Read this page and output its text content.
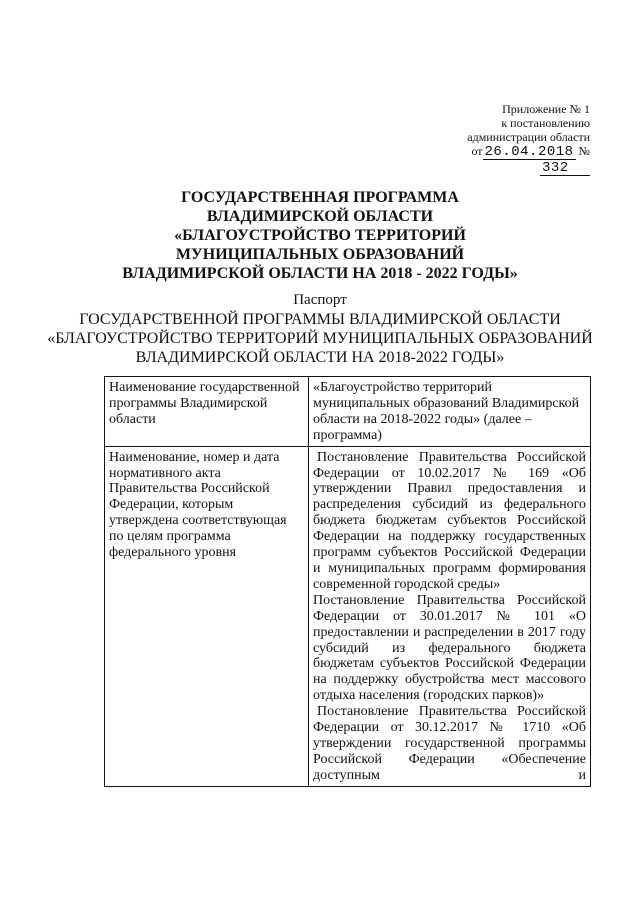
Приложение № 1
к постановлению
администрации области
от 26.04.2018 № 332
ГОСУДАРСТВЕННАЯ ПРОГРАММА
ВЛАДИМИРСКОЙ ОБЛАСТИ
«БЛАГОУСТРОЙСТВО ТЕРРИТОРИЙ
МУНИЦИПАЛЬНЫХ ОБРАЗОВАНИЙ
ВЛАДИМИРСКОЙ ОБЛАСТИ НА 2018 - 2022 ГОДЫ»
Паспорт
ГОСУДАРСТВЕННОЙ ПРОГРАММЫ ВЛАДИМИРСКОЙ ОБЛАСТИ
«БЛАГОУСТРОЙСТВО ТЕРРИТОРИЙ МУНИЦИПАЛЬНЫХ ОБРАЗОВАНИЙ
ВЛАДИМИРСКОЙ ОБЛАСТИ НА 2018-2022 ГОДЫ»
Наименование государственной программы Владимирской области	«Благоустройство территорий муниципальных образований Владимирской области на 2018-2022 годы» (далее – программа)
Наименование, номер и дата нормативного акта Правительства Российской Федерации, которым утверждена соответствующая по целям программа федерального уровня	Постановление Правительства Российской Федерации от 10.02.2017 № 169 «Об утверждении Правил предоставления и распределения субсидий из федерального бюджета бюджетам субъектов Российской Федерации на поддержку государственных программ субъектов Российской Федерации и муниципальных программ формирования современной городской среды»
Постановление Правительства Российской Федерации от 30.01.2017 № 101 «О предоставлении и распределении в 2017 году субсидий из федерального бюджета бюджетам субъектов Российской Федерации на поддержку обустройства мест массового отдыха населения (городских парков)»
Постановление Правительства Российской Федерации от 30.12.2017 № 1710 «Об утверждении государственной программы Российской Федерации «Обеспечение доступным и
